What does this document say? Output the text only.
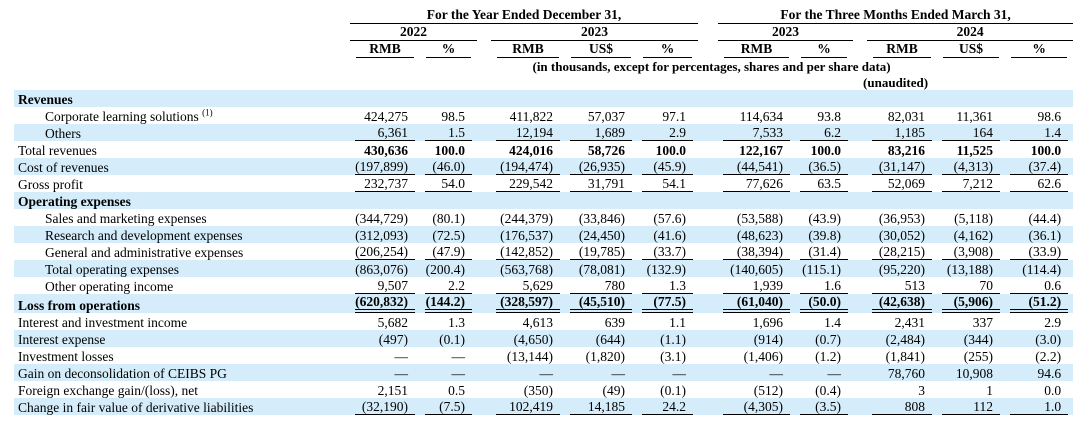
	For the Year Ended December 31,							For the Three Months Ended March 31,					

	2022			2023				2023			2024		

	RMB	%		RMB	US$	%		RMB	%		RMB	US$	%

	(in thousands, except for percentages, shares and per share data)												

								(unaudited)					

Revenues	

Corporate learning solutions $^{(1)}$	424,275	98.5		411,822	57,037	97.1		114,634	93.8		82,031	11,361	98.6

Others	6,361	1.5		12,194	1,689	2.9		7,533	6.2		1,185	164	1.4

Total revenues	430,636	100.0		424,016	58,726	100.0		122,167	100.0		83,216	11,525	100.0

Cost of revenues	(197,899)	(46.0)		(194,474)	(26,935)	(45.9)		(44,541)	(36.5)		(31,147)	(4,313)	(37.4)

Gross profit	232,737	54.0		229,542	31,791	54.1		77,626	63.5		52,069	7,212	62.6

Operating expenses	

Sales and marketing expenses	(344,729)	(80.1)		(244,379)	(33,846)	(57.6)		(53,588)	(43.9)		(36,953)	(5,118)	(44.4)

Research and development expenses	(312,093)	(72.5)		(176,537)	(24,450)	(41.6)		(48,623)	(39.8)		(30,052)	(4,162)	(36.1)

General and administrative expenses	(206,254)	(47.9)		(142,852)	(19,785)	(33.7)		(38,394)	(31.4)		(28,215)	(3,908)	(33.9)

Total operating expenses	(863,076)	(200.4)		(563,768)	(78,081)	(132.9)		(140,605)	(115.1)		(95,220)	(13,188)	(114.4)

Other operating income	9,507	2.2		5,629	780	1.3		1,939	1.6		513	70	0.6

Loss from operations	(620,832)	(144.2)		(328,597)	(45,510)	(77.5)		(61,040)	(50.0)		(42,638)	(5,906)	(51.2)

Interest and investment income	5,682	1.3		4,613	639	1.1		1,696	1.4		2,431	337	2.9

Interest expense	(497)	(0.1)		(4,650)	(644)	(1.1)		(914)	(0.7)		(2,484)	(344)	(3.0)

Investment losses	—	—		(13,144)	(1,820)	(3.1)		(1,406)	(1.2)		(1,841)	(255)	(2.2)

Gain on deconsolidation of CEIBS PG	—	—		—	—	—		—	—		78,760	10,908	94.6

Foreign exchange gain/(loss), net	2,151	0.5		(350)	(49)	(0.1)		(512)	(0.4)		3	1	0.0

Change in fair value of derivative liabilities	(32,190)	(7.5)		102,419	14,185	24.2		(4,305)	(3.5)		808	112	1.0
